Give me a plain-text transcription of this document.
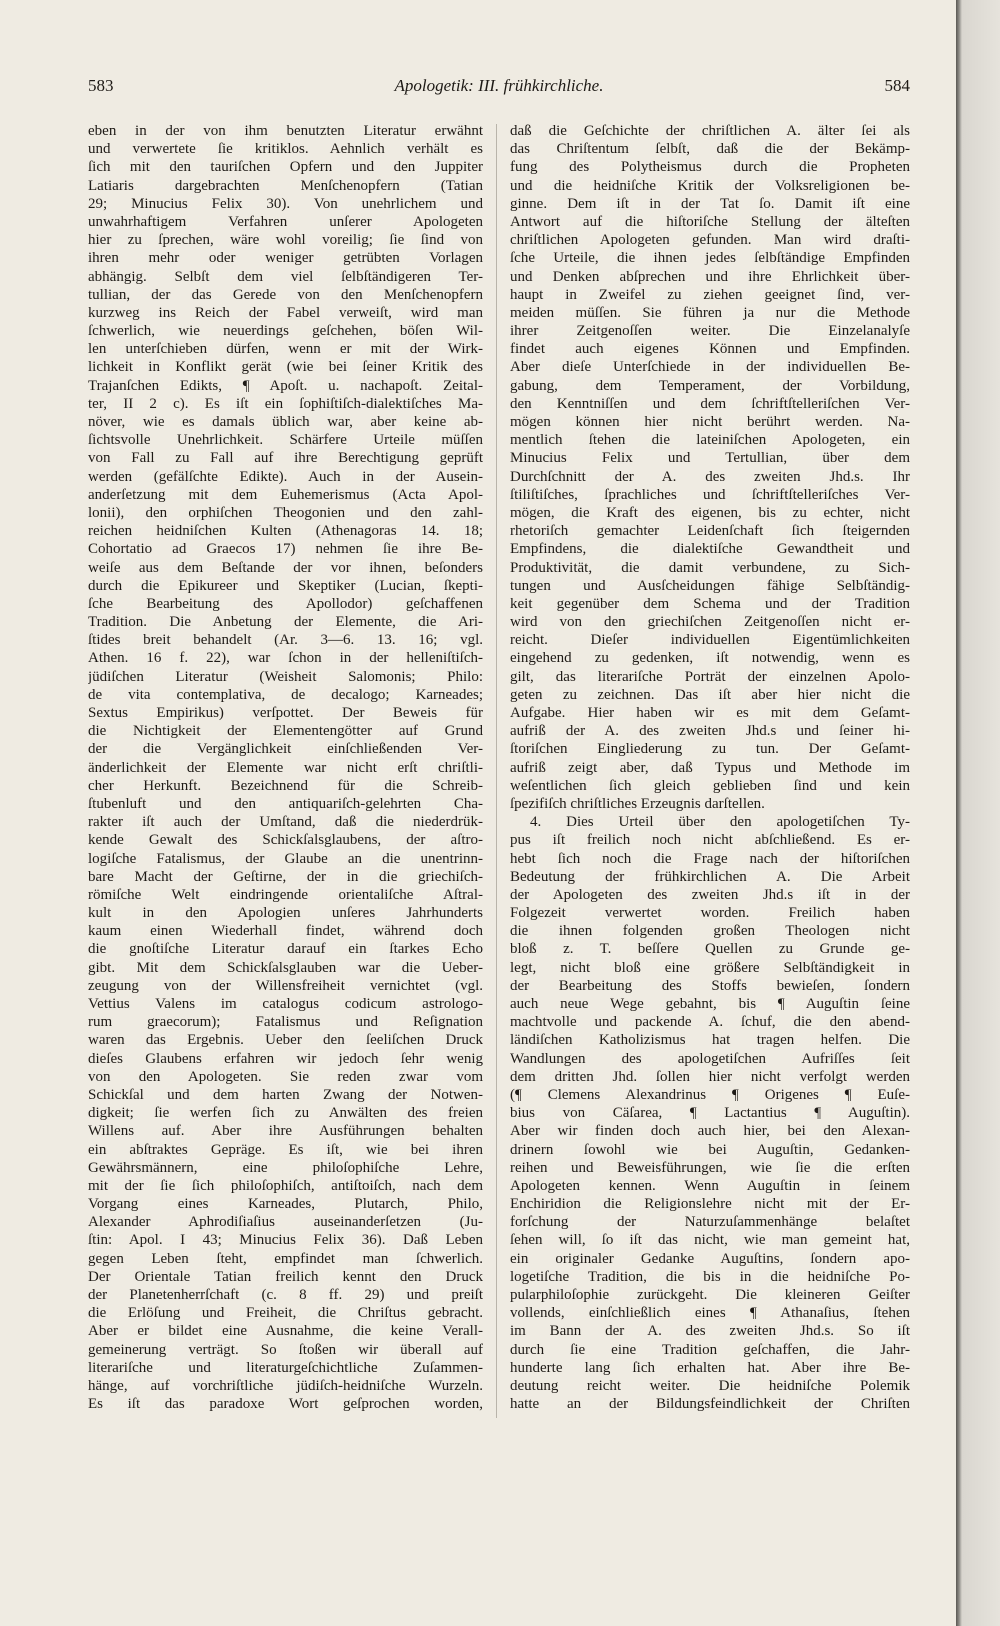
583	Apologetik: III. frühkirchliche.	584
eben in der von ihm benutzten Literatur erwähnt
und verwertete ſie kritiklos. Aehnlich verhält es
ſich mit den tauriſchen Opfern und den Juppiter
Latiaris dargebrachten Menſchenopfern (Tatian
29; Minucius Felix 30). Von unehrlichem und
unwahrhaftigem Verfahren unſerer Apologeten
hier zu ſprechen, wäre wohl voreilig; ſie ſind von
ihren mehr oder weniger getrübten Vorlagen
abhängig. Selbſt dem viel ſelbſtändigeren Ter-
tullian, der das Gerede von den Menſchenopfern
kurzweg ins Reich der Fabel verweiſt, wird man
ſchwerlich, wie neuerdings geſchehen, böſen Wil-
len unterſchieben dürfen, wenn er mit der Wirk-
lichkeit in Konflikt gerät (wie bei ſeiner Kritik des
Trajanſchen Edikts, ¶ Apoſt. u. nachapoſt. Zeital-
ter, II 2 c). Es iſt ein ſophiſtiſch-dialektiſches Ma-
növer, wie es damals üblich war, aber keine ab-
ſichtsvolle Unehrlichkeit. Schärfere Urteile müſſen
von Fall zu Fall auf ihre Berechtigung geprüft
werden (gefälſchte Edikte). Auch in der Ausein-
anderſetzung mit dem Euhemerismus (Acta Apol-
lonii), den orphiſchen Theogonien und den zahl-
reichen heidniſchen Kulten (Athenagoras 14. 18;
Cohortatio ad Graecos 17) nehmen ſie ihre Be-
weiſe aus dem Beſtande der vor ihnen, beſonders
durch die Epikureer und Skeptiker (Lucian, ſkepti-
ſche Bearbeitung des Apollodor) geſchaffenen
Tradition. Die Anbetung der Elemente, die Ari-
ſtides breit behandelt (Ar. 3—6. 13. 16; vgl.
Athen. 16 f. 22), war ſchon in der helleniſtiſch-
jüdiſchen Literatur (Weisheit Salomonis; Philo:
de vita contemplativa, de decalogo; Karneades;
Sextus Empirikus) verſpottet. Der Beweis für
die Nichtigkeit der Elementengötter auf Grund
der die Vergänglichkeit einſchließenden Ver-
änderlichkeit der Elemente war nicht erſt chriſtli-
cher Herkunft. Bezeichnend für die Schreib-
ſtubenluft und den antiquariſch-gelehrten Cha-
rakter iſt auch der Umſtand, daß die niederdrük-
kende Gewalt des Schickſalsglaubens, der aſtro-
logiſche Fatalismus, der Glaube an die unentrinn-
bare Macht der Geſtirne, der in die griechiſch-
römiſche Welt eindringende orientaliſche Aſtral-
kult in den Apologien unſeres Jahrhunderts
kaum einen Wiederhall findet, während doch
die gnoſtiſche Literatur darauf ein ſtarkes Echo
gibt. Mit dem Schickſalsglauben war die Ueber-
zeugung von der Willensfreiheit vernichtet (vgl.
Vettius Valens im catalogus codicum astrologo-
rum graecorum); Fatalismus und Reſignation
waren das Ergebnis. Ueber den ſeeliſchen Druck
dieſes Glaubens erfahren wir jedoch ſehr wenig
von den Apologeten. Sie reden zwar vom
Schickſal und dem harten Zwang der Notwen-
digkeit; ſie werfen ſich zu Anwälten des freien
Willens auf. Aber ihre Ausführungen behalten
ein abſtraktes Gepräge. Es iſt, wie bei ihren
Gewährsmännern, eine philoſophiſche Lehre,
mit der ſie ſich philoſophiſch, antiſtoiſch, nach dem
Vorgang eines Karneades, Plutarch, Philo,
Alexander Aphrodiſiaſius auseinanderſetzen (Ju-
ſtin: Apol. I 43; Minucius Felix 36). Daß Leben
gegen Leben ſteht, empfindet man ſchwerlich.
Der Orientale Tatian freilich kennt den Druck
der Planetenherrſchaft (c. 8 ff. 29) und preiſt
die Erlöſung und Freiheit, die Chriſtus gebracht.
Aber er bildet eine Ausnahme, die keine Verall-
gemeinerung verträgt. So ſtoßen wir überall auf
literariſche und literaturgeſchichtliche Zuſammen-
hänge, auf vorchriſtliche jüdiſch-heidniſche Wurzeln.
Es iſt das paradoxe Wort geſprochen worden,
daß die Geſchichte der chriſtlichen A. älter ſei als
das Chriſtentum ſelbſt, daß die der Bekämp-
fung des Polytheismus durch die Propheten
und die heidniſche Kritik der Volksreligionen be-
ginne. Dem iſt in der Tat ſo. Damit iſt eine
Antwort auf die hiſtoriſche Stellung der älteſten
chriſtlichen Apologeten gefunden. Man wird draſti-
ſche Urteile, die ihnen jedes ſelbſtändige Empfinden
und Denken abſprechen und ihre Ehrlichkeit über-
haupt in Zweifel zu ziehen geeignet ſind, ver-
meiden müſſen. Sie führen ja nur die Methode
ihrer Zeitgenoſſen weiter. Die Einzelanalyſe
findet auch eigenes Können und Empfinden.
Aber dieſe Unterſchiede in der individuellen Be-
gabung, dem Temperament, der Vorbildung,
den Kenntniſſen und dem ſchriftſtelleriſchen Ver-
mögen können hier nicht berührt werden. Na-
mentlich ſtehen die lateiniſchen Apologeten, ein
Minucius Felix und Tertullian, über dem
Durchſchnitt der A. des zweiten Jhd.s. Ihr
ſtiliſtiſches, ſprachliches und ſchriftſtelleriſches Ver-
mögen, die Kraft des eigenen, bis zu echter, nicht
rhetoriſch gemachter Leidenſchaft ſich ſteigernden
Empfindens, die dialektiſche Gewandtheit und
Produktivität, die damit verbundene, zu Sich-
tungen und Ausſcheidungen fähige Selbſtändig-
keit gegenüber dem Schema und der Tradition
wird von den griechiſchen Zeitgenoſſen nicht er-
reicht. Dieſer individuellen Eigentümlichkeiten
eingehend zu gedenken, iſt notwendig, wenn es
gilt, das literariſche Porträt der einzelnen Apolo-
geten zu zeichnen. Das iſt aber hier nicht die
Aufgabe. Hier haben wir es mit dem Geſamt-
aufriß der A. des zweiten Jhd.s und ſeiner hi-
ſtoriſchen Eingliederung zu tun. Der Geſamt-
aufriß zeigt aber, daß Typus und Methode im
weſentlichen ſich gleich geblieben ſind und kein
ſpezifiſch chriſtliches Erzeugnis darſtellen.
4. Dies Urteil über den apologetiſchen Ty-
pus iſt freilich noch nicht abſchließend. Es er-
hebt ſich noch die Frage nach der hiſtoriſchen
Bedeutung der frühkirchlichen A. Die Arbeit
der Apologeten des zweiten Jhd.s iſt in der
Folgezeit verwertet worden. Freilich haben
die ihnen folgenden großen Theologen nicht
bloß z. T. beſſere Quellen zu Grunde ge-
legt, nicht bloß eine größere Selbſtändigkeit in
der Bearbeitung des Stoffs bewieſen, ſondern
auch neue Wege gebahnt, bis ¶ Auguſtin ſeine
machtvolle und packende A. ſchuf, die den abend-
ländiſchen Katholizismus hat tragen helfen. Die
Wandlungen des apologetiſchen Aufriſſes ſeit
dem dritten Jhd. ſollen hier nicht verfolgt werden
(¶ Clemens Alexandrinus ¶ Origenes ¶ Euſe-
bius von Cäſarea, ¶ Lactantius ¶ Auguſtin).
Aber wir finden doch auch hier, bei den Alexan-
drinern ſowohl wie bei Auguſtin, Gedanken-
reihen und Beweisführungen, wie ſie die erſten
Apologeten kennen. Wenn Auguſtin in ſeinem
Enchiridion die Religionslehre nicht mit der Er-
forſchung der Naturzuſammenhänge belaſtet
ſehen will, ſo iſt das nicht, wie man gemeint hat,
ein originaler Gedanke Auguſtins, ſondern apo-
logetiſche Tradition, die bis in die heidniſche Po-
pularphiloſophie zurückgeht. Die kleineren Geiſter
vollends, einſchließlich eines ¶ Athanaſius, ſtehen
im Bann der A. des zweiten Jhd.s. So iſt
durch ſie eine Tradition geſchaffen, die Jahr-
hunderte lang ſich erhalten hat. Aber ihre Be-
deutung reicht weiter. Die heidniſche Polemik
hatte an der Bildungsfeindlichkeit der Chriſten
